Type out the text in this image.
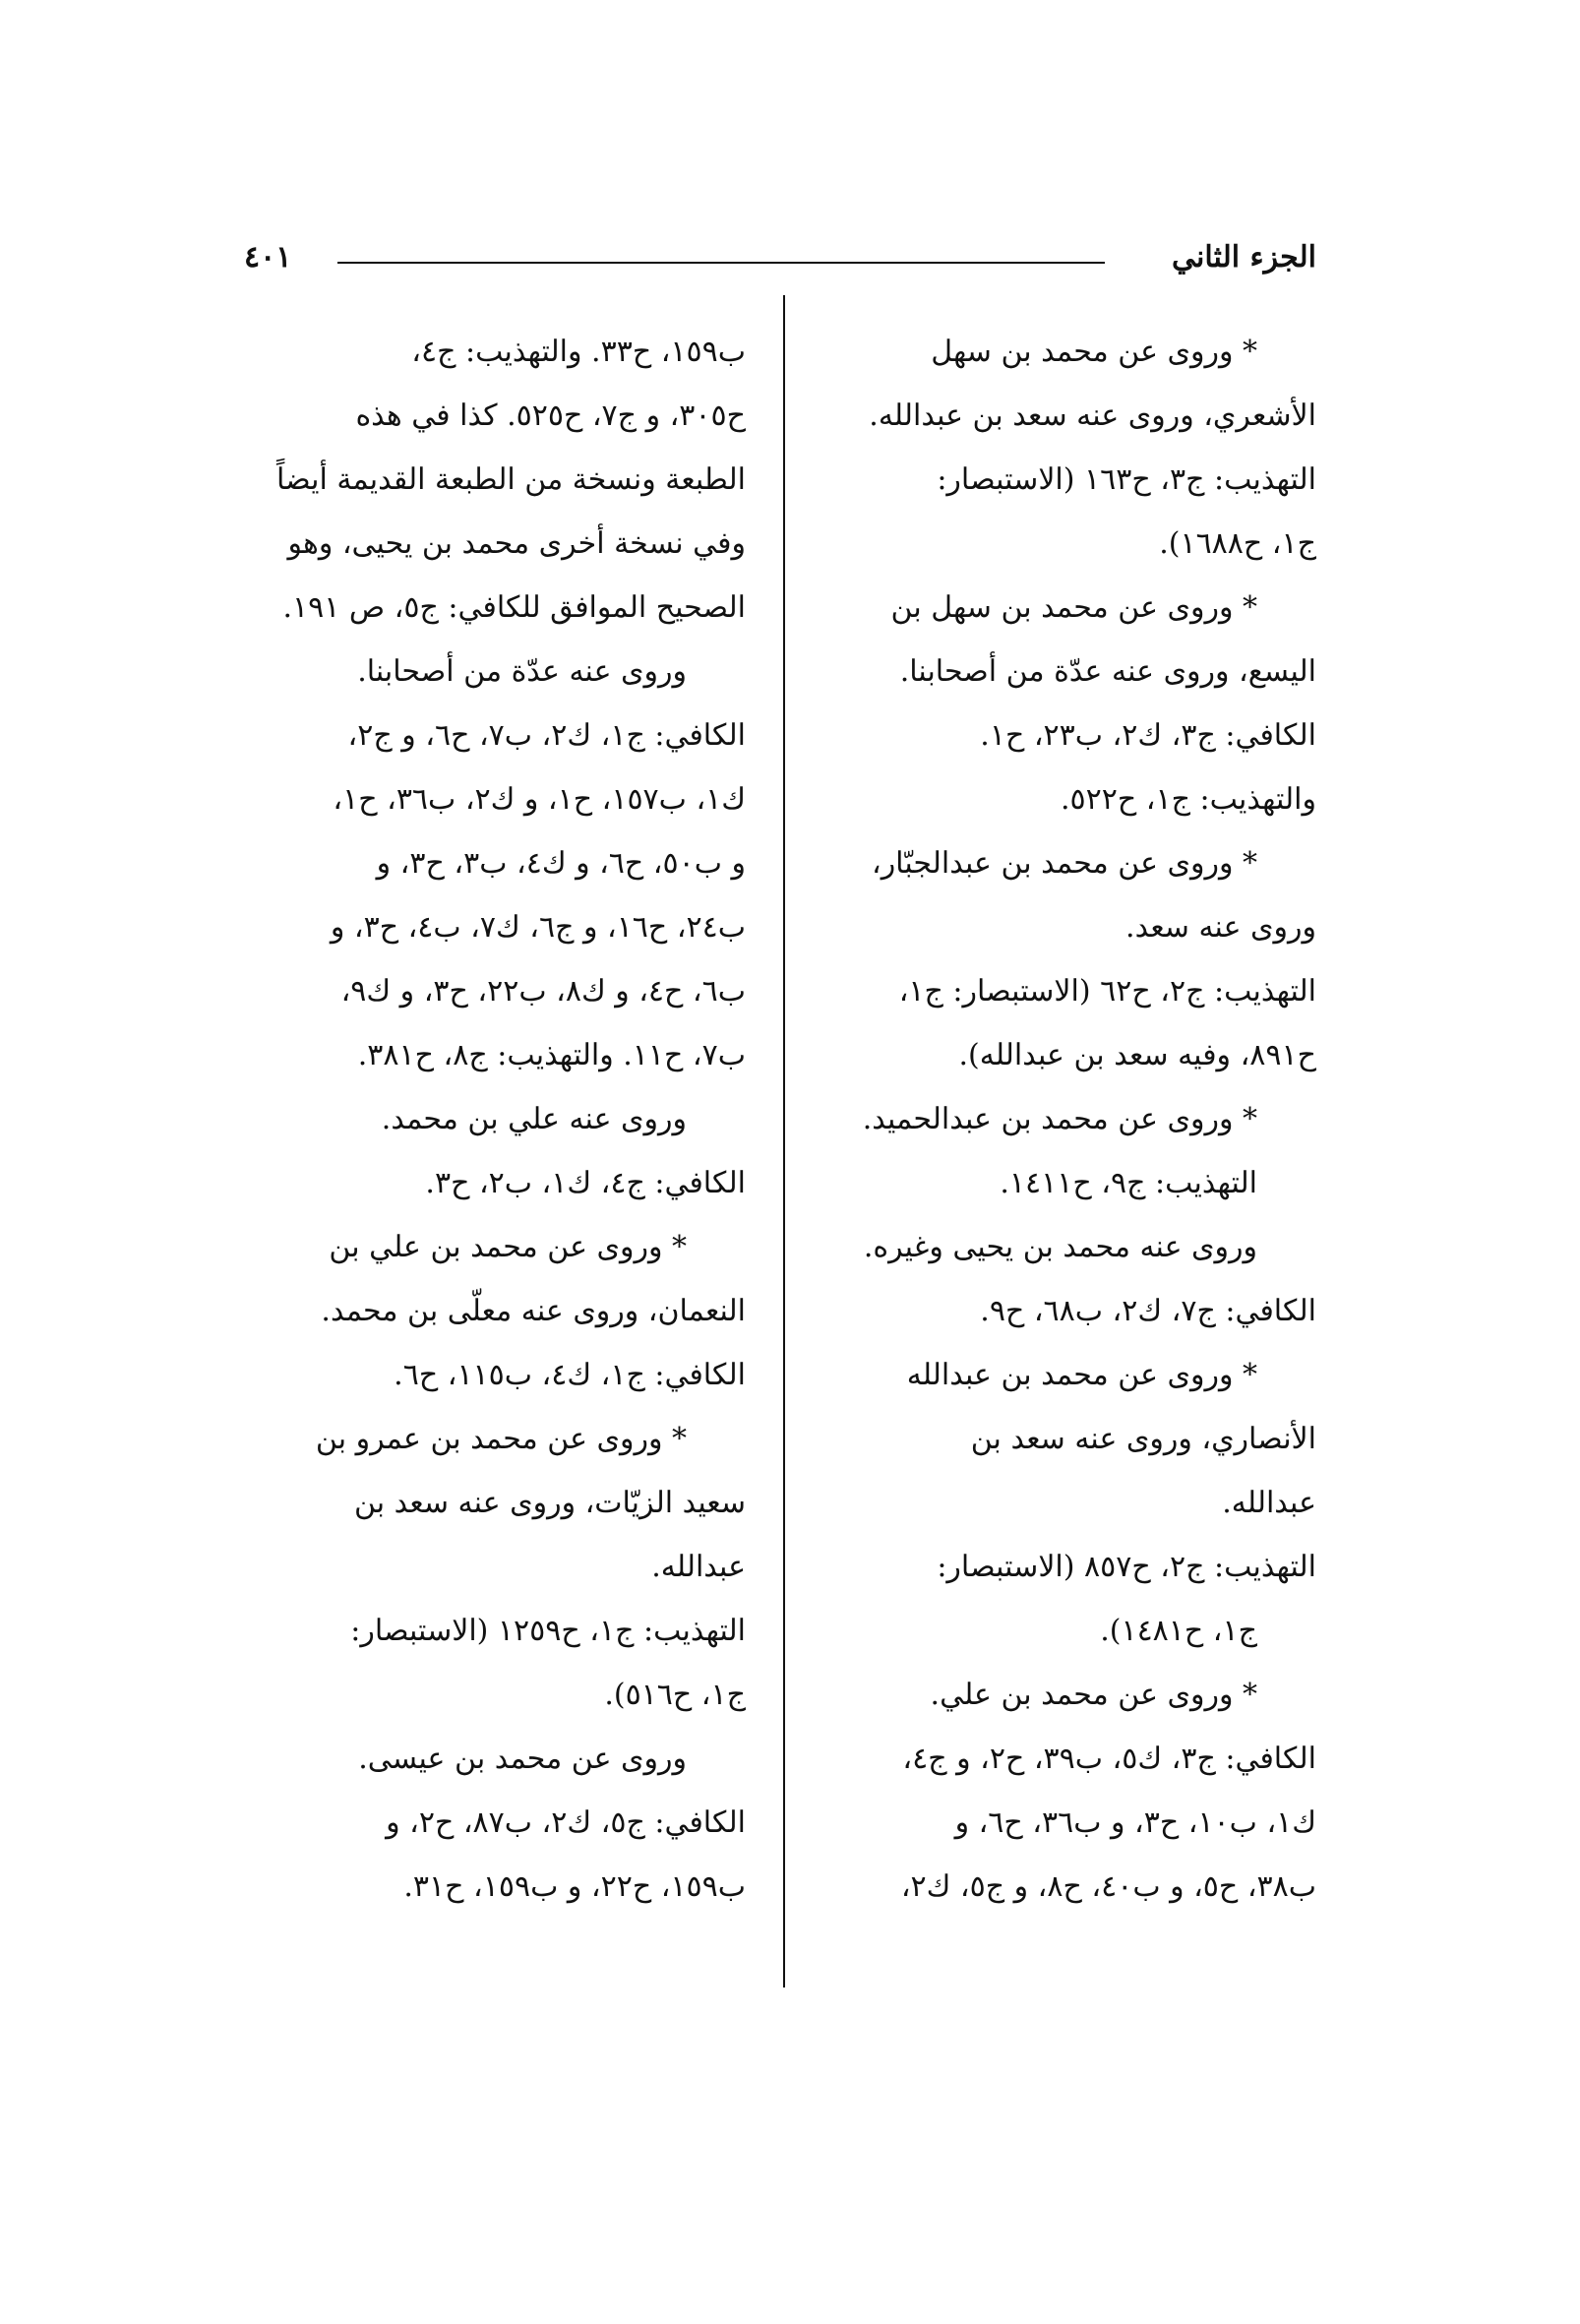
الجزء الثاني
٤٠١
* وروى عن محمد بن سهل
الأشعري، وروى عنه سعد بن عبدالله.
التهذيب: ج٣، ح١٦٣ (الاستبصار:
ج١، ح١٦٨٨).
* وروى عن محمد بن سهل بن
اليسع، وروى عنه عدّة من أصحابنا.
الكافي: ج٣، ك٢، ب٢٣، ح١.
والتهذيب: ج١، ح٥٢٢.
* وروى عن محمد بن عبدالجبّار،
وروى عنه سعد.
التهذيب: ج٢، ح٦٢ (الاستبصار: ج١،
ح٨٩١، وفيه سعد بن عبدالله).
* وروى عن محمد بن عبدالحميد.
التهذيب: ج٩، ح١٤١١.
وروى عنه محمد بن يحيى وغيره.
الكافي: ج٧، ك٢، ب٦٨، ح٩.
* وروى عن محمد بن عبدالله
الأنصاري، وروى عنه سعد بن
عبدالله.
التهذيب: ج٢، ح٨٥٧ (الاستبصار:
ج١، ح١٤٨١).
* وروى عن محمد بن علي.
الكافي: ج٣، ك٥، ب٣٩، ح٢، و ج٤،
ك١، ب١٠، ح٣، و ب٣٦، ح٦، و
ب٣٨، ح٥، و ب٤٠، ح٨، و ج٥، ك٢،
ب١٥٩، ح٣٣. والتهذيب: ج٤،
ح٣٠٥، و ج٧، ح٥٢٥. كذا في هذه
الطبعة ونسخة من الطبعة القديمة أيضاً
وفي نسخة أخرى محمد بن يحيى، وهو
الصحيح الموافق للكافي: ج٥، ص ١٩١.
وروى عنه عدّة من أصحابنا.
الكافي: ج١، ك٢، ب٧، ح٦، و ج٢،
ك١، ب١٥٧، ح١، و ك٢، ب٣٦، ح١،
و ب٥٠، ح٦، و ك٤، ب٣، ح٣، و
ب٢٤، ح١٦، و ج٦، ك٧، ب٤، ح٣، و
ب٦، ح٤، و ك٨، ب٢٢، ح٣، و ك٩،
ب٧، ح١١. والتهذيب: ج٨، ح٣٨١.
وروى عنه علي بن محمد.
الكافي: ج٤، ك١، ب٢، ح٣.
* وروى عن محمد بن علي بن
النعمان، وروى عنه معلّى بن محمد.
الكافي: ج١، ك٤، ب١١٥، ح٦.
* وروى عن محمد بن عمرو بن
سعيد الزيّات، وروى عنه سعد بن
عبدالله.
التهذيب: ج١، ح١٢٥٩ (الاستبصار:
ج١، ح٥١٦).
وروى عن محمد بن عيسى.
الكافي: ج٥، ك٢، ب٨٧، ح٢، و
ب١٥٩، ح٢٢، و ب١٥٩، ح٣١.
